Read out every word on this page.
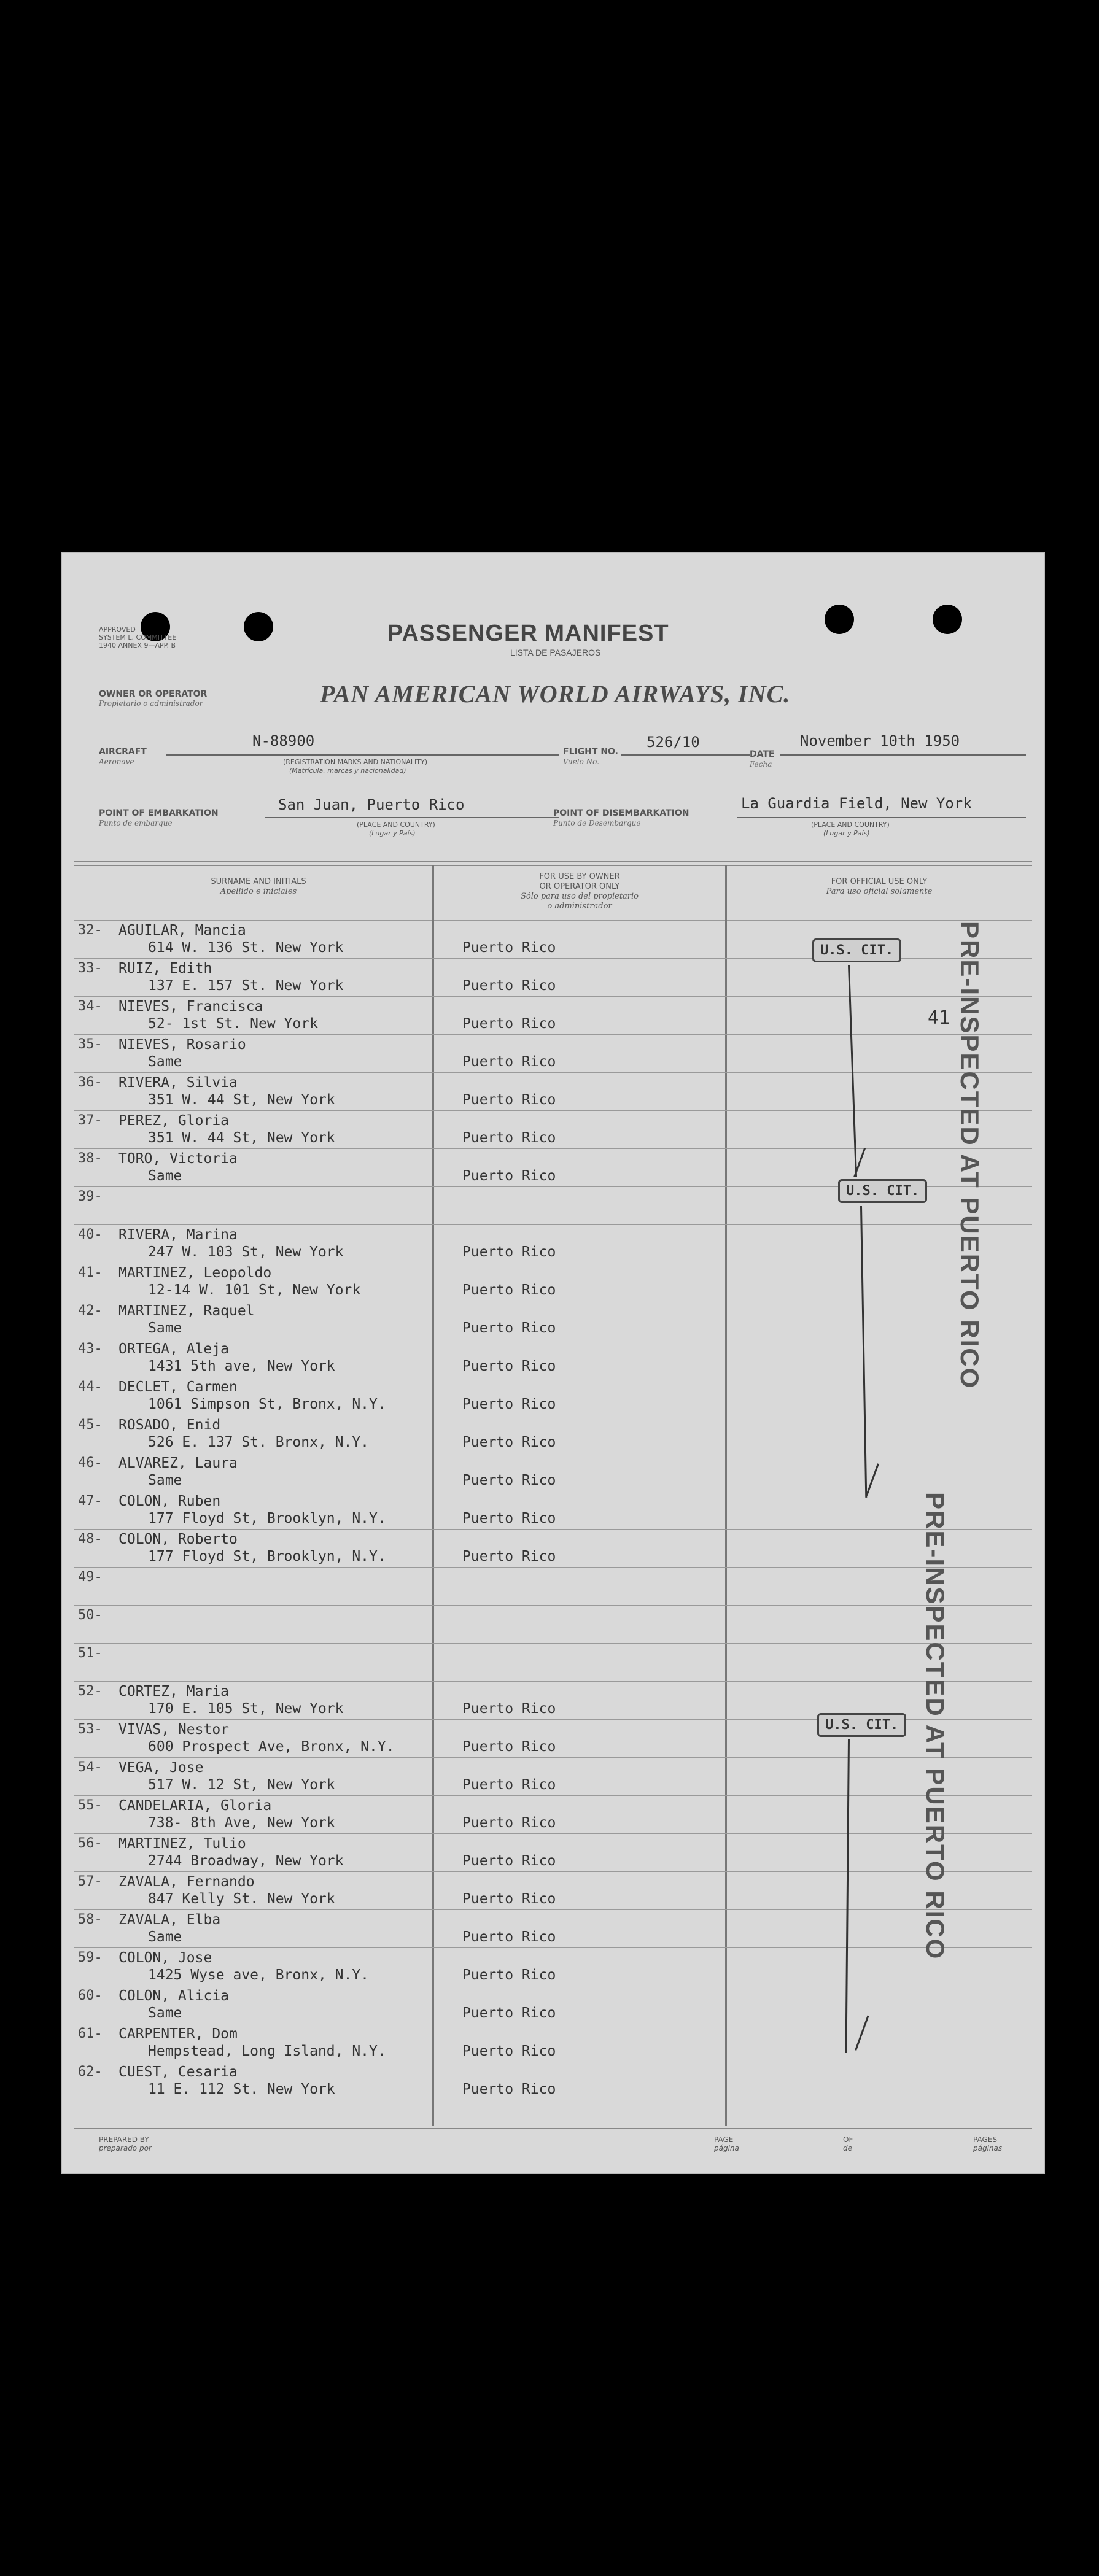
APPROVED
SYSTEM L. COMMITTEE
1940 ANNEX 9—APP. B	PASSENGER MANIFEST
LISTA DE PASAJEROS
OWNER OR OPERATOR
Propietario o administrador	PAN AMERICAN WORLD AIRWAYS, INC.
AIRCRAFT
Aeronave
N-88900
(REGISTRATION MARKS AND NATIONALITY)
(Matrícula, marcas y nacionalidad)
FLIGHT NO.
Vuelo No.
526/10
DATE
Fecha
November 10th 1950
POINT OF EMBARKATION
Punto de embarque
San Juan, Puerto Rico
(PLACE AND COUNTRY)
(Lugar y País)
POINT OF DISEMBARKATION
Punto de Desembarque
La Guardia Field, New York
(PLACE AND COUNTRY)
(Lugar y País)
SURNAME AND INITIALS
Apellido e iniciales
FOR USE BY OWNER
OR OPERATOR ONLY
Sólo para uso del propietario
o administrador
FOR OFFICIAL USE ONLY
Para uso oficial solamente
32- AGUILAR, Mancia
614 W. 136 St. New York	Puerto Rico
33- RUIZ, Edith
137 E. 157 St. New York	Puerto Rico
34- NIEVES, Francisca
52- 1st St. New York	Puerto Rico
35- NIEVES, Rosario
Same	Puerto Rico
36- RIVERA, Silvia
351 W. 44 St, New York	Puerto Rico
37- PEREZ, Gloria
351 W. 44 St, New York	Puerto Rico
38- TORO, Victoria
Same	Puerto Rico
39-
40- RIVERA, Marina
247 W. 103 St, New York	Puerto Rico
41- MARTINEZ, Leopoldo
12-14 W. 101 St, New York	Puerto Rico
42- MARTINEZ, Raquel
Same	Puerto Rico
43- ORTEGA, Aleja
1431 5th ave, New York	Puerto Rico
44- DECLET, Carmen
1061 Simpson St, Bronx, N.Y.	Puerto Rico
45- ROSADO, Enid
526 E. 137 St. Bronx, N.Y.	Puerto Rico
46- ALVAREZ, Laura
Same	Puerto Rico
47- COLON, Ruben
177 Floyd St, Brooklyn, N.Y.	Puerto Rico
48- COLON, Roberto
177 Floyd St, Brooklyn, N.Y.	Puerto Rico
49-
50-
51-
52- CORTEZ, Maria
170 E. 105 St, New York	Puerto Rico
53- VIVAS, Nestor
600 Prospect Ave, Bronx, N.Y.	Puerto Rico
54- VEGA, Jose
517 W. 12 St, New York	Puerto Rico
55- CANDELARIA, Gloria
738- 8th Ave, New York	Puerto Rico
56- MARTINEZ, Tulio
2744 Broadway, New York	Puerto Rico
57- ZAVALA, Fernando
847 Kelly St. New York	Puerto Rico
58- ZAVALA, Elba
Same	Puerto Rico
59- COLON, Jose
1425 Wyse ave, Bronx, N.Y.	Puerto Rico
60- COLON, Alicia
Same	Puerto Rico
61- CARPENTER, Dom
Hempstead, Long Island, N.Y.	Puerto Rico
62- CUEST, Cesaria
11 E. 112 St. New York	Puerto Rico
U.S. CIT.
U.S. CIT.
U.S. CIT.
41 PRE-INSPECTED AT PUERTO RICO
PRE-INSPECTED AT PUERTO RICO
PREPARED BY
preparado por
PAGE
página
OF
de
PAGES
páginas
